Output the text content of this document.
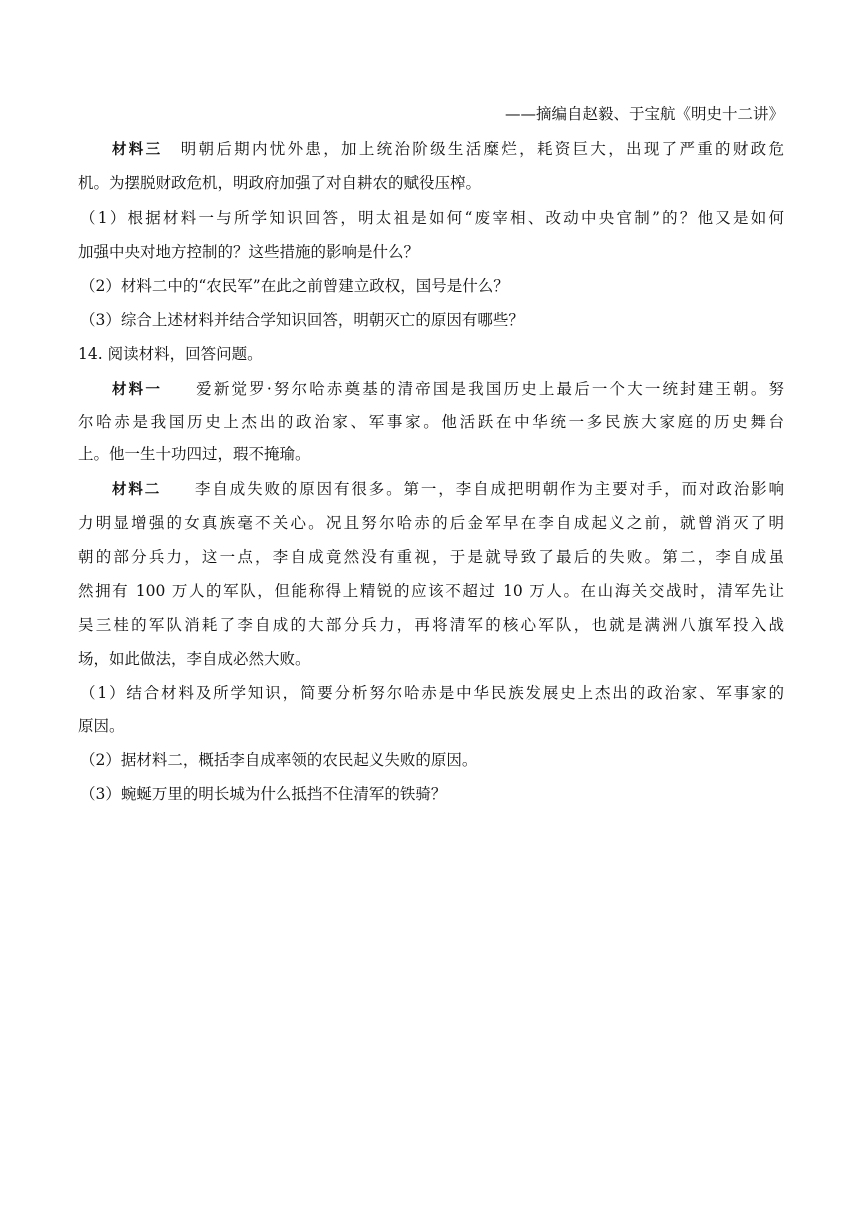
——摘编自赵毅、于宝航《明史十二讲》
材料三 明朝后期内忧外患，加上统治阶级生活糜烂，耗资巨大，出现了严重的财政危
机。为摆脱财政危机，明政府加强了对自耕农的赋役压榨。
（1）根据材料一与所学知识回答，明太祖是如何“废宰相、改动中央官制”的？他又是如何
加强中央对地方控制的？这些措施的影响是什么？
（2）材料二中的“农民军”在此之前曾建立政权，国号是什么？
（3）综合上述材料并结合学知识回答，明朝灭亡的原因有哪些？
14. 阅读材料，回答问题。
材料一 爱新觉罗·努尔哈赤奠基的清帝国是我国历史上最后一个大一统封建王朝。努
尔哈赤是我国历史上杰出的政治家、军事家。他活跃在中华统一多民族大家庭的历史舞台
上。他一生十功四过，瑕不掩瑜。
材料二 李自成失败的原因有很多。第一，李自成把明朝作为主要对手，而对政治影响
力明显增强的女真族毫不关心。况且努尔哈赤的后金军早在李自成起义之前，就曾消灭了明
朝的部分兵力，这一点，李自成竟然没有重视，于是就导致了最后的失败。第二，李自成虽
然拥有 100 万人的军队，但能称得上精锐的应该不超过 10 万人。在山海关交战时，清军先让
吴三桂的军队消耗了李自成的大部分兵力，再将清军的核心军队，也就是满洲八旗军投入战
场，如此做法，李自成必然大败。
（1）结合材料及所学知识，简要分析努尔哈赤是中华民族发展史上杰出的政治家、军事家的
原因。
（2）据材料二，概括李自成率领的农民起义失败的原因。
（3）蜿蜒万里的明长城为什么抵挡不住清军的铁骑？
